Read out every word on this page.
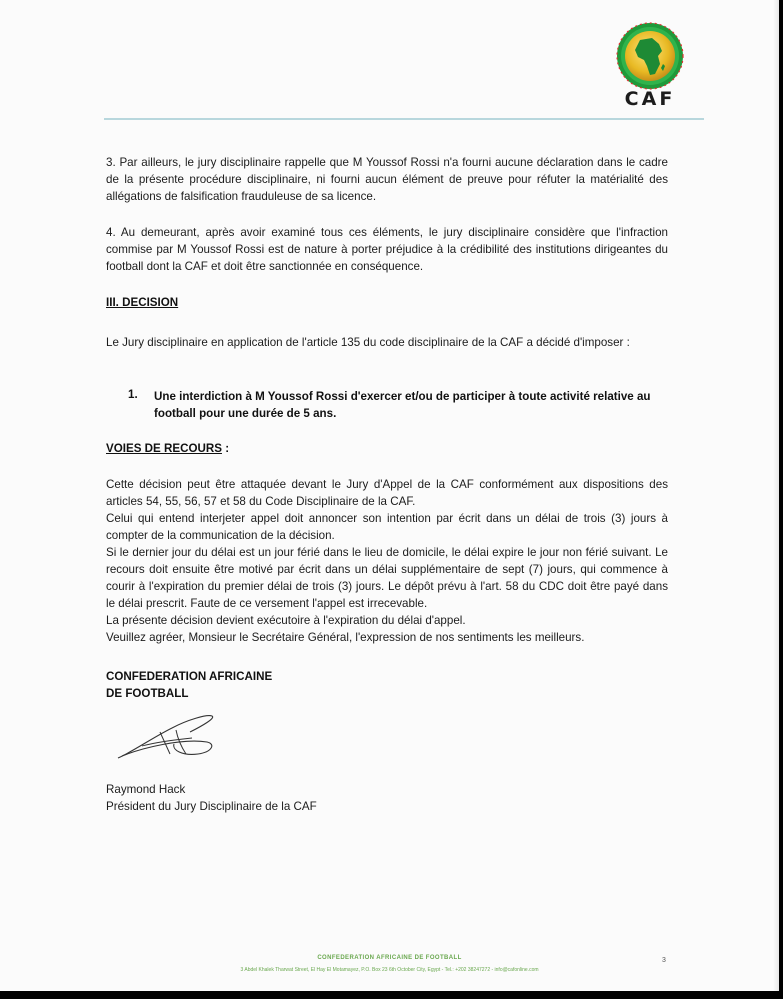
CAF

3. Par ailleurs, le jury disciplinaire rappelle que M Youssof Rossi n'a fourni aucune déclaration dans le cadre de la présente procédure disciplinaire, ni fourni aucun élément de preuve pour réfuter la matérialité des allégations de falsification frauduleuse de sa licence.

4. Au demeurant, après avoir examiné tous ces éléments, le jury disciplinaire considère que l'infraction commise par M Youssof Rossi est de nature à porter préjudice à la crédibilité des institutions dirigeantes du football dont la CAF et doit être sanctionnée en conséquence.

III. DECISION

Le Jury disciplinaire en application de l'article 135 du code disciplinaire de la CAF a décidé d'imposer :

1. Une interdiction à M Youssof Rossi d'exercer et/ou de participer à toute activité relative au football pour une durée de 5 ans.

VOIES DE RECOURS :

Cette décision peut être attaquée devant le Jury d'Appel de la CAF conformément aux dispositions des articles 54, 55, 56, 57 et 58 du Code Disciplinaire de la CAF.

Celui qui entend interjeter appel doit annoncer son intention par écrit dans un délai de trois (3) jours à compter de la communication de la décision.

Si le dernier jour du délai est un jour férié dans le lieu de domicile, le délai expire le jour non férié suivant. Le recours doit ensuite être motivé par écrit dans un délai supplémentaire de sept (7) jours, qui commence à courir à l'expiration du premier délai de trois (3) jours. Le dépôt prévu à l'art. 58 du CDC doit être payé dans le délai prescrit. Faute de ce versement l'appel est irrecevable.

La présente décision devient exécutoire à l'expiration du délai d'appel.

Veuillez agréer, Monsieur le Secrétaire Général, l'expression de nos sentiments les meilleurs.

CONFEDERATION AFRICAINE
DE FOOTBALL
Raymond Hack
Président du Jury Disciplinaire de la CAF
CONFEDERATION AFRICAINE DE FOOTBALL
3 Abdel Khalek Tharwat Street, El Hay El Motamayez, P.O. Box 23 6th October City, Egypt - Tel.: +202 38247272 - info@cafonline.com
3
